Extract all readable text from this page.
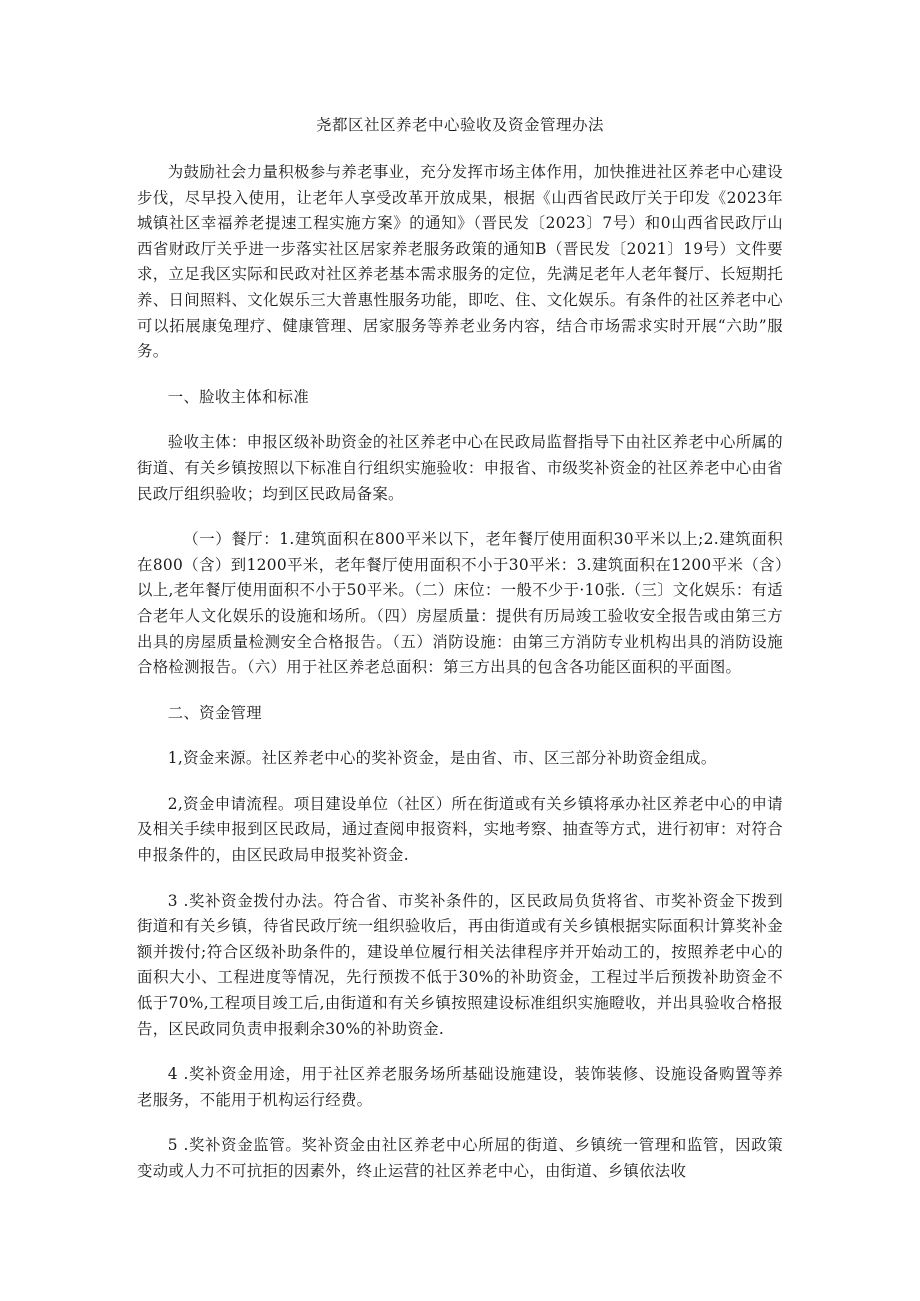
尧都区社区养老中心验收及资金管理办法

为鼓励社会力量积极参与养老事业，充分发挥市场主体作用，加快推进社区养老中心建设步伐，尽早投入使用，让老年人享受改革开放成果，根据《山西省民政厅关于印发《2023年城镇社区幸福养老提速工程实施方案》的通知》（晋民发〔2023〕7号）和0山西省民政厅山西省财政厅关乎进一步落实社区居家养老服务政策的通知B（晋民发〔2021〕19号）文件要求，立足我区实际和民政对社区养老基本需求服务的定位，先满足老年人老年餐厅、长短期托养、日间照料、文化娱乐三大普惠性服务功能，即吃、住、文化娱乐。有条件的社区养老中心可以拓展康兔理疗、健康管理、居家服务等养老业务内容，结合市场需求实时开展“六助”服务。

一、脸收主体和标准

验收主体：申报区级补助资金的社区养老中心在民政局监督指导下由社区养老中心所属的街道、有关乡镇按照以下标准自行组织实施验收：申报省、市级奖补资金的社区养老中心由省民政厅组织验收；均到区民政局备案。

（一）餐厅：1.建筑面积在800平米以下，老年餐厅使用面积30平米以上;2.建筑面积在800（含）到1200平米，老年餐厅使用面积不小于30平米：3.建筑面积在1200平米（含）以上,老年餐厅使用面积不小于50平米。（二）床位：一般不少于·10张.（三〕文化娱乐：有适合老年人文化娱乐的设施和场所。（四）房屋质量：提供有历局竣工验收安全报告或由第三方出具的房屋质量检测安全合格报告。（五）消防设施：由第三方消防专业机构出具的消防设施合格检测报告。（六）用于社区养老总面积：第三方出具的包含各功能区面积的平面图。

二、资金管理

1,资金来源。社区养老中心的奖补资金，是由省、市、区三部分补助资金组成。

2,资金申请流程。项目建设单位（社区）所在街道或有关乡镇将承办社区养老中心的申请及相关手续申报到区民政局，通过查阅申报资料，实地考察、抽查等方式，进行初审：对符合申报条件的，由区民政局申报奖补资金.

3 .奖补资金拨付办法。符合省、市奖补条件的，区民政局负货将省、市奖补资金下拨到街道和有关乡镇，待省民政厅统一组织验收后，再由街道或有关乡镇根据实际面积计算奖补金额并拨付;符合区级补助条件的，建设单位履行相关法律程序并开始动工的，按照养老中心的面积大小、工程进度等情况，先行预拨不低于30%的补助资金，工程过半后预拨补助资金不低于70%,工程项目竣工后,由街道和有关乡镇按照建设标准组织实施瞪收，并出具验收合格报告，区民政同负责申报剩余30%的补助资金.

4 .奖补资金用途，用于社区养老服务场所基础设施建设，装饰装修、设施设备购置等养老服务，不能用于机构运行经费。

5 .奖补资金监管。奖补资金由社区养老中心所屈的街道、乡镇统一管理和监管，因政策变动或人力不可抗拒的因素外，终止运营的社区养老中心，由街道、乡镇依法收
